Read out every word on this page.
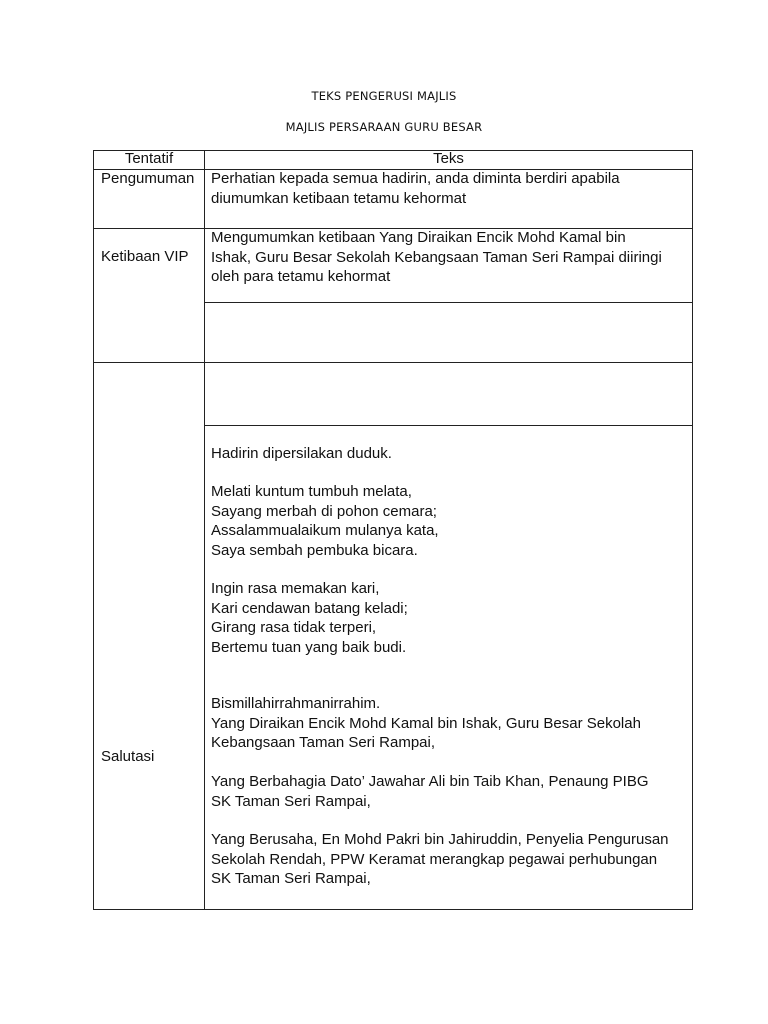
TEKS PENGERUSI MAJLIS
MAJLIS PERSARAAN GURU BESAR
Tentatif	Teks
Pengumuman Perhatian kepada semua hadirin, anda diminta berdiri apabila
diumumkan ketibaan tetamu kehormat
Ketibaan VIP
Mengumumkan ketibaan Yang Diraikan Encik Mohd Kamal bin
Ishak, Guru Besar Sekolah Kebangsaan Taman Seri Rampai diiringi
oleh para tetamu kehormat
Salutasi
Hadirin dipersilakan duduk.
Melati kuntum tumbuh melata,
Sayang merbah di pohon cemara;
Assalammualaikum mulanya kata,
Saya sembah pembuka bicara.
Ingin rasa memakan kari,
Kari cendawan batang keladi;
Girang rasa tidak terperi,
Bertemu tuan yang baik budi.
Bismillahirrahmanirrahim.
Yang Diraikan Encik Mohd Kamal bin Ishak, Guru Besar Sekolah
Kebangsaan Taman Seri Rampai,
Yang Berbahagia Dato’ Jawahar Ali bin Taib Khan, Penaung PIBG
SK Taman Seri Rampai,
Yang Berusaha, En Mohd Pakri bin Jahiruddin, Penyelia Pengurusan
Sekolah Rendah, PPW Keramat merangkap pegawai perhubungan
SK Taman Seri Rampai,
